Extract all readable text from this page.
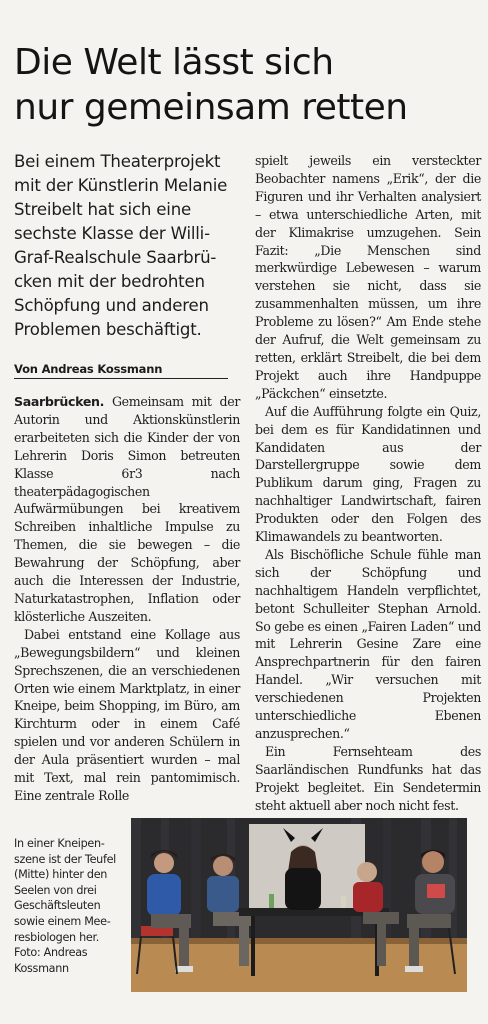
Die Welt lässt sich
nur gemeinsam retten
Bei einem Theaterprojekt
mit der Künstlerin Melanie
Streibelt hat sich eine
sechste Klasse der Willi-
Graf-Realschule Saarbrü-
cken mit der bedrohten
Schöpfung und anderen
Problemen beschäftigt.
Von Andreas Kossmann

Saarbrücken. Gemeinsam mit der Autorin und Aktionskünstlerin erarbeiteten sich die Kinder der von Lehrerin Doris Simon betreuten Klasse 6r3 nach theaterpädagogischen Aufwärmübungen bei kreativem Schreiben inhaltliche Impulse zu Themen, die sie bewegen – die Bewahrung der Schöpfung, aber auch die Interessen der Industrie, Naturkatastrophen, Inflation oder klösterliche Auszeiten.

Dabei entstand eine Kollage aus „Bewegungsbildern“ und kleinen Sprechszenen, die an verschiedenen Orten wie einem Marktplatz, in einer Kneipe, beim Shopping, im Büro, am Kirchturm oder in einem Café spielen und vor anderen Schülern in der Aula präsentiert wurden – mal mit Text, mal rein pantomimisch. Eine zentrale Rolle

spielt jeweils ein versteckter Beobachter namens „Erik“, der die Figuren und ihr Verhalten analysiert – etwa unterschiedliche Arten, mit der Klimakrise umzugehen. Sein Fazit: „Die Menschen sind merkwürdige Lebewesen – warum verstehen sie nicht, dass sie zusammenhalten müssen, um ihre Probleme zu lösen?“ Am Ende stehe der Aufruf, die Welt gemeinsam zu retten, erklärt Streibelt, die bei dem Projekt auch ihre Handpuppe „Päckchen“ einsetzte.

Auf die Aufführung folgte ein Quiz, bei dem es für Kandidatinnen und Kandidaten aus der Darstellergruppe sowie dem Publikum darum ging, Fragen zu nachhaltiger Landwirtschaft, fairen Produkten oder den Folgen des Klimawandels zu beantworten.

Als Bischöfliche Schule fühle man sich der Schöpfung und nachhaltigem Handeln verpflichtet, betont Schulleiter Stephan Arnold. So gebe es einen „Fairen Laden“ und mit Lehrerin Gesine Zare eine Ansprechpartnerin für den fairen Handel. „Wir versuchen mit verschiedenen Projekten unterschiedliche Ebenen anzusprechen.“

Ein Fernsehteam des Saarländischen Rundfunks hat das Projekt begleitet. Ein Sendetermin steht aktuell aber noch nicht fest.

In einer Kneipen-
szene ist der Teufel
(Mitte) hinter den
Seelen von drei
Geschäftsleuten
sowie einem Mee-
resbiologen her.
Foto: Andreas
Kossmann
